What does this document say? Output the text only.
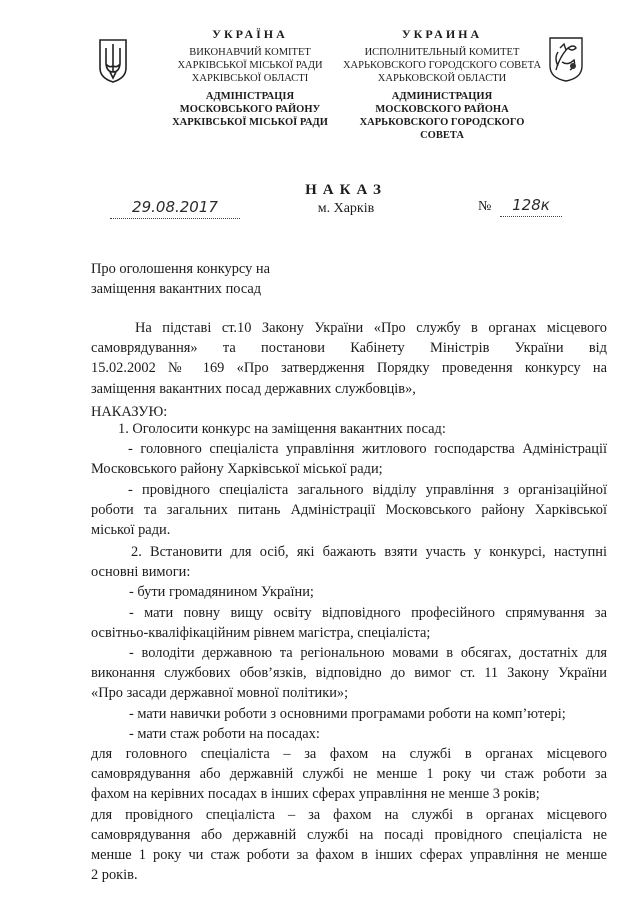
УКРАЇНА
ВИКОНАВЧИЙ КОМІТЕТ
ХАРКІВСЬКОЇ МІСЬКОЇ РАДИ
ХАРКІВСЬКОЇ ОБЛАСТІ
АДМІНІСТРАЦІЯ
МОСКОВСЬКОГО РАЙОНУ
ХАРКІВСЬКОЇ МІСЬКОЇ РАДИ
УКРАИНА
ИСПОЛНИТЕЛЬНЫЙ КОМИТЕТ
ХАРЬКОВСКОГО ГОРОДСКОГО СОВЕТА
ХАРЬКОВСКОЙ ОБЛАСТИ
АДМИНИСТРАЦИЯ
МОСКОВСКОГО РАЙОНА
ХАРЬКОВСКОГО ГОРОДСКОГО СОВЕТА
НАКАЗ
м. Харків
29.08.2017	№	128к
Про оголошення конкурсу на
заміщення вакантних посад
На підставі ст.10 Закону України «Про службу в органах місцевого
самоврядування» та постанови Кабінету Міністрів України від
15.02.2002 № 169 «Про затвердження Порядку проведення конкурсу на
заміщення вакантних посад державних службовців»,
НАКАЗУЮ:
1. Оголосити конкурс на заміщення вакантних посад:
- головного спеціаліста управління житлового господарства Адміністрації
Московського району Харківської міської ради;
- провідного спеціаліста загального відділу управління з організаційної
роботи та загальних питань Адміністрації Московського району Харківської
міської ради.
2. Встановити для осіб, які бажають взяти участь у конкурсі, наступні
основні вимоги:
- бути громадянином України;
- мати повну вищу освіту відповідного професійного спрямування за
освітньо-кваліфікаційним рівнем магістра, спеціаліста;
- володіти державною та регіональною мовами в обсягах, достатніх для
виконання службових обов’язків, відповідно до вимог ст. 11 Закону України
«Про засади державної мовної політики»;
- мати навички роботи з основними програмами роботи на комп’ютері;
- мати стаж роботи на посадах:
для головного спеціаліста – за фахом на службі в органах місцевого
самоврядування або державній службі не менше 1 року чи стаж роботи за
фахом на керівних посадах в інших сферах управління не менше 3 років;
для провідного спеціаліста – за фахом на службі в органах місцевого
самоврядування або державній службі на посаді провідного спеціаліста не
менше 1 року чи стаж роботи за фахом в інших сферах управління не менше
2 років.
